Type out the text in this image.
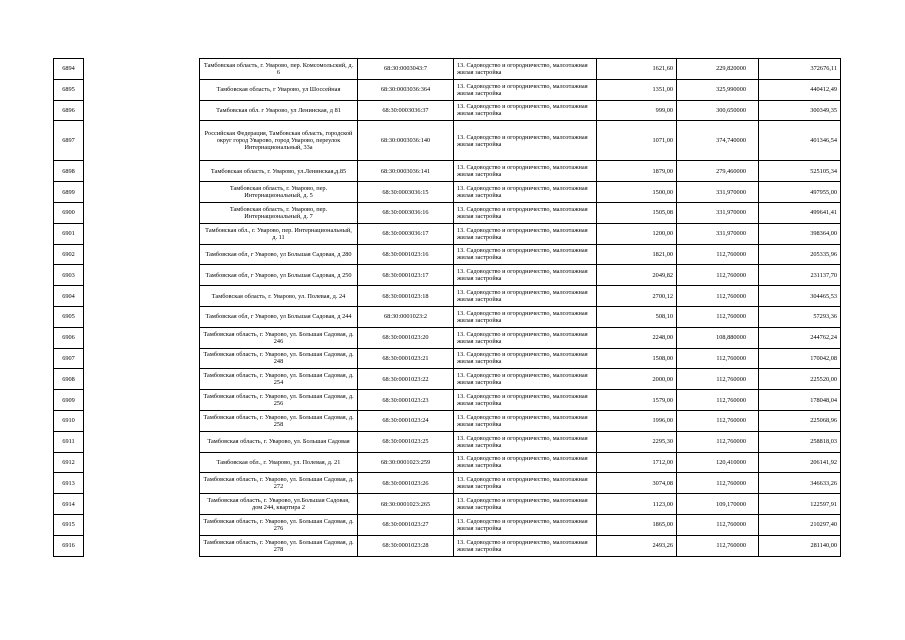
6894		Тамбовская область, г. Уварово, пер. Комсомольский, д. 6	68:30:0003043:7	13. Садоводство и огородничество, малоэтажная жилая застройка	1621,60	229,820000	372676,11
6895		Тамбовская область, г Уварово, ул Шоссейная	68:30:0003036:364	13. Садоводство и огородничество, малоэтажная жилая застройка	1351,00	325,990000	440412,49
6896		Тамбовская обл. г Уварово, ул Ленинская, д 81	68:30:0003036:37	13. Садоводство и огородничество, малоэтажная жилая застройка	999,00	300,650000	300349,35
6897		Российская Федерация, Тамбовская область, городской округ город Уварово, город Уварово, переулок Интернациональный, 33а	68:30:0003036:140	13. Садоводство и огородничество, малоэтажная жилая застройка	1071,00	374,740000	401346,54
6898		Тамбовская область, г. Уварово, ул.Ленинская,д.85	68:30:0003036:141	13. Садоводство и огородничество, малоэтажная жилая застройка	1879,00	279,460000	525105,34
6899		Тамбовская область, г. Уварово, пер. Интернациональный, д. 5	68:30:0003036:15	13. Садоводство и огородничество, малоэтажная жилая застройка	1500,00	331,970000	497955,00
6900		Тамбовская область, г. Уварово, пер. Интернациональный, д. 7	68:30:0003036:16	13. Садоводство и огородничество, малоэтажная жилая застройка	1505,08	331,970000	499641,41
6901		Тамбовская обл., г. Уварово, пер. Интернациональный, д. 11	68:30:0003036:17	13. Садоводство и огородничество, малоэтажная жилая застройка	1200,00	331,970000	398364,00
6902		Тамбовская обл, г Уварово, ул Большая Садовая, д 280	68:30:0001023:16	13. Садоводство и огородничество, малоэтажная жилая застройка	1821,00	112,760000	205335,96
6903		Тамбовская обл, г Уварово, ул Большая Садовая, д 250	68:30:0001023:17	13. Садоводство и огородничество, малоэтажная жилая застройка	2049,82	112,760000	231137,70
6904		Тамбовская область, г. Уварово, ул. Полевая, д. 24	68:30:0001023:18	13. Садоводство и огородничество, малоэтажная жилая застройка	2700,12	112,760000	304465,53
6905		Тамбовская обл, г Уварово, ул Большая Садовая, д 244	68:30:0001023:2	13. Садоводство и огородничество, малоэтажная жилая застройка	508,10	112,760000	57293,36
6906		Тамбовская область, г. Уварово, ул. Большая Садовая, д. 246	68:30:0001023:20	13. Садоводство и огородничество, малоэтажная жилая застройка	2248,00	108,880000	244762,24
6907		Тамбовская область, г. Уварово, ул. Большая Садовая, д. 248	68:30:0001023:21	13. Садоводство и огородничество, малоэтажная жилая застройка	1508,00	112,760000	170042,08
6908		Тамбовская область, г. Уварово, ул. Большая Садовая, д. 254	68:30:0001023:22	13. Садоводство и огородничество, малоэтажная жилая застройка	2000,00	112,760000	225520,00
6909		Тамбовская область, г. Уварово, ул. Большая Садовая, д. 256	68:30:0001023:23	13. Садоводство и огородничество, малоэтажная жилая застройка	1579,00	112,760000	178048,04
6910		Тамбовская область, г. Уварово, ул. Большая Садовая, д. 258	68:30:0001023:24	13. Садоводство и огородничество, малоэтажная жилая застройка	1996,00	112,760000	225068,96
6911		Тамбовская область, г. Уварово, ул. Большая Садовая	68:30:0001023:25	13. Садоводство и огородничество, малоэтажная жилая застройка	2295,30	112,760000	258818,03
6912		Тамбовская обл., г. Уварово, ул. Полевая, д. 21	68:30:0001023:259	13. Садоводство и огородничество, малоэтажная жилая застройка	1712,00	120,410000	206141,92
6913		Тамбовская область, г. Уварово, ул. Большая Садовая, д. 272	68:30:0001023:26	13. Садоводство и огородничество, малоэтажная жилая застройка	3074,08	112,760000	346633,26
6914		Тамбовская область, г. Уварово, ул.Большая Садовая, дом 244, квартира 2	68:30:0001023:265	13. Садоводство и огородничество, малоэтажная жилая застройка	1123,00	109,170000	122597,91
6915		Тамбовская область, г. Уварово, ул. Большая Садовая, д. 276	68:30:0001023:27	13. Садоводство и огородничество, малоэтажная жилая застройка	1865,00	112,760000	210297,40
6916		Тамбовская область, г. Уварово, ул. Большая Садовая, д. 278	68:30:0001023:28	13. Садоводство и огородничество, малоэтажная жилая застройка	2493,26	112,760000	281140,00
